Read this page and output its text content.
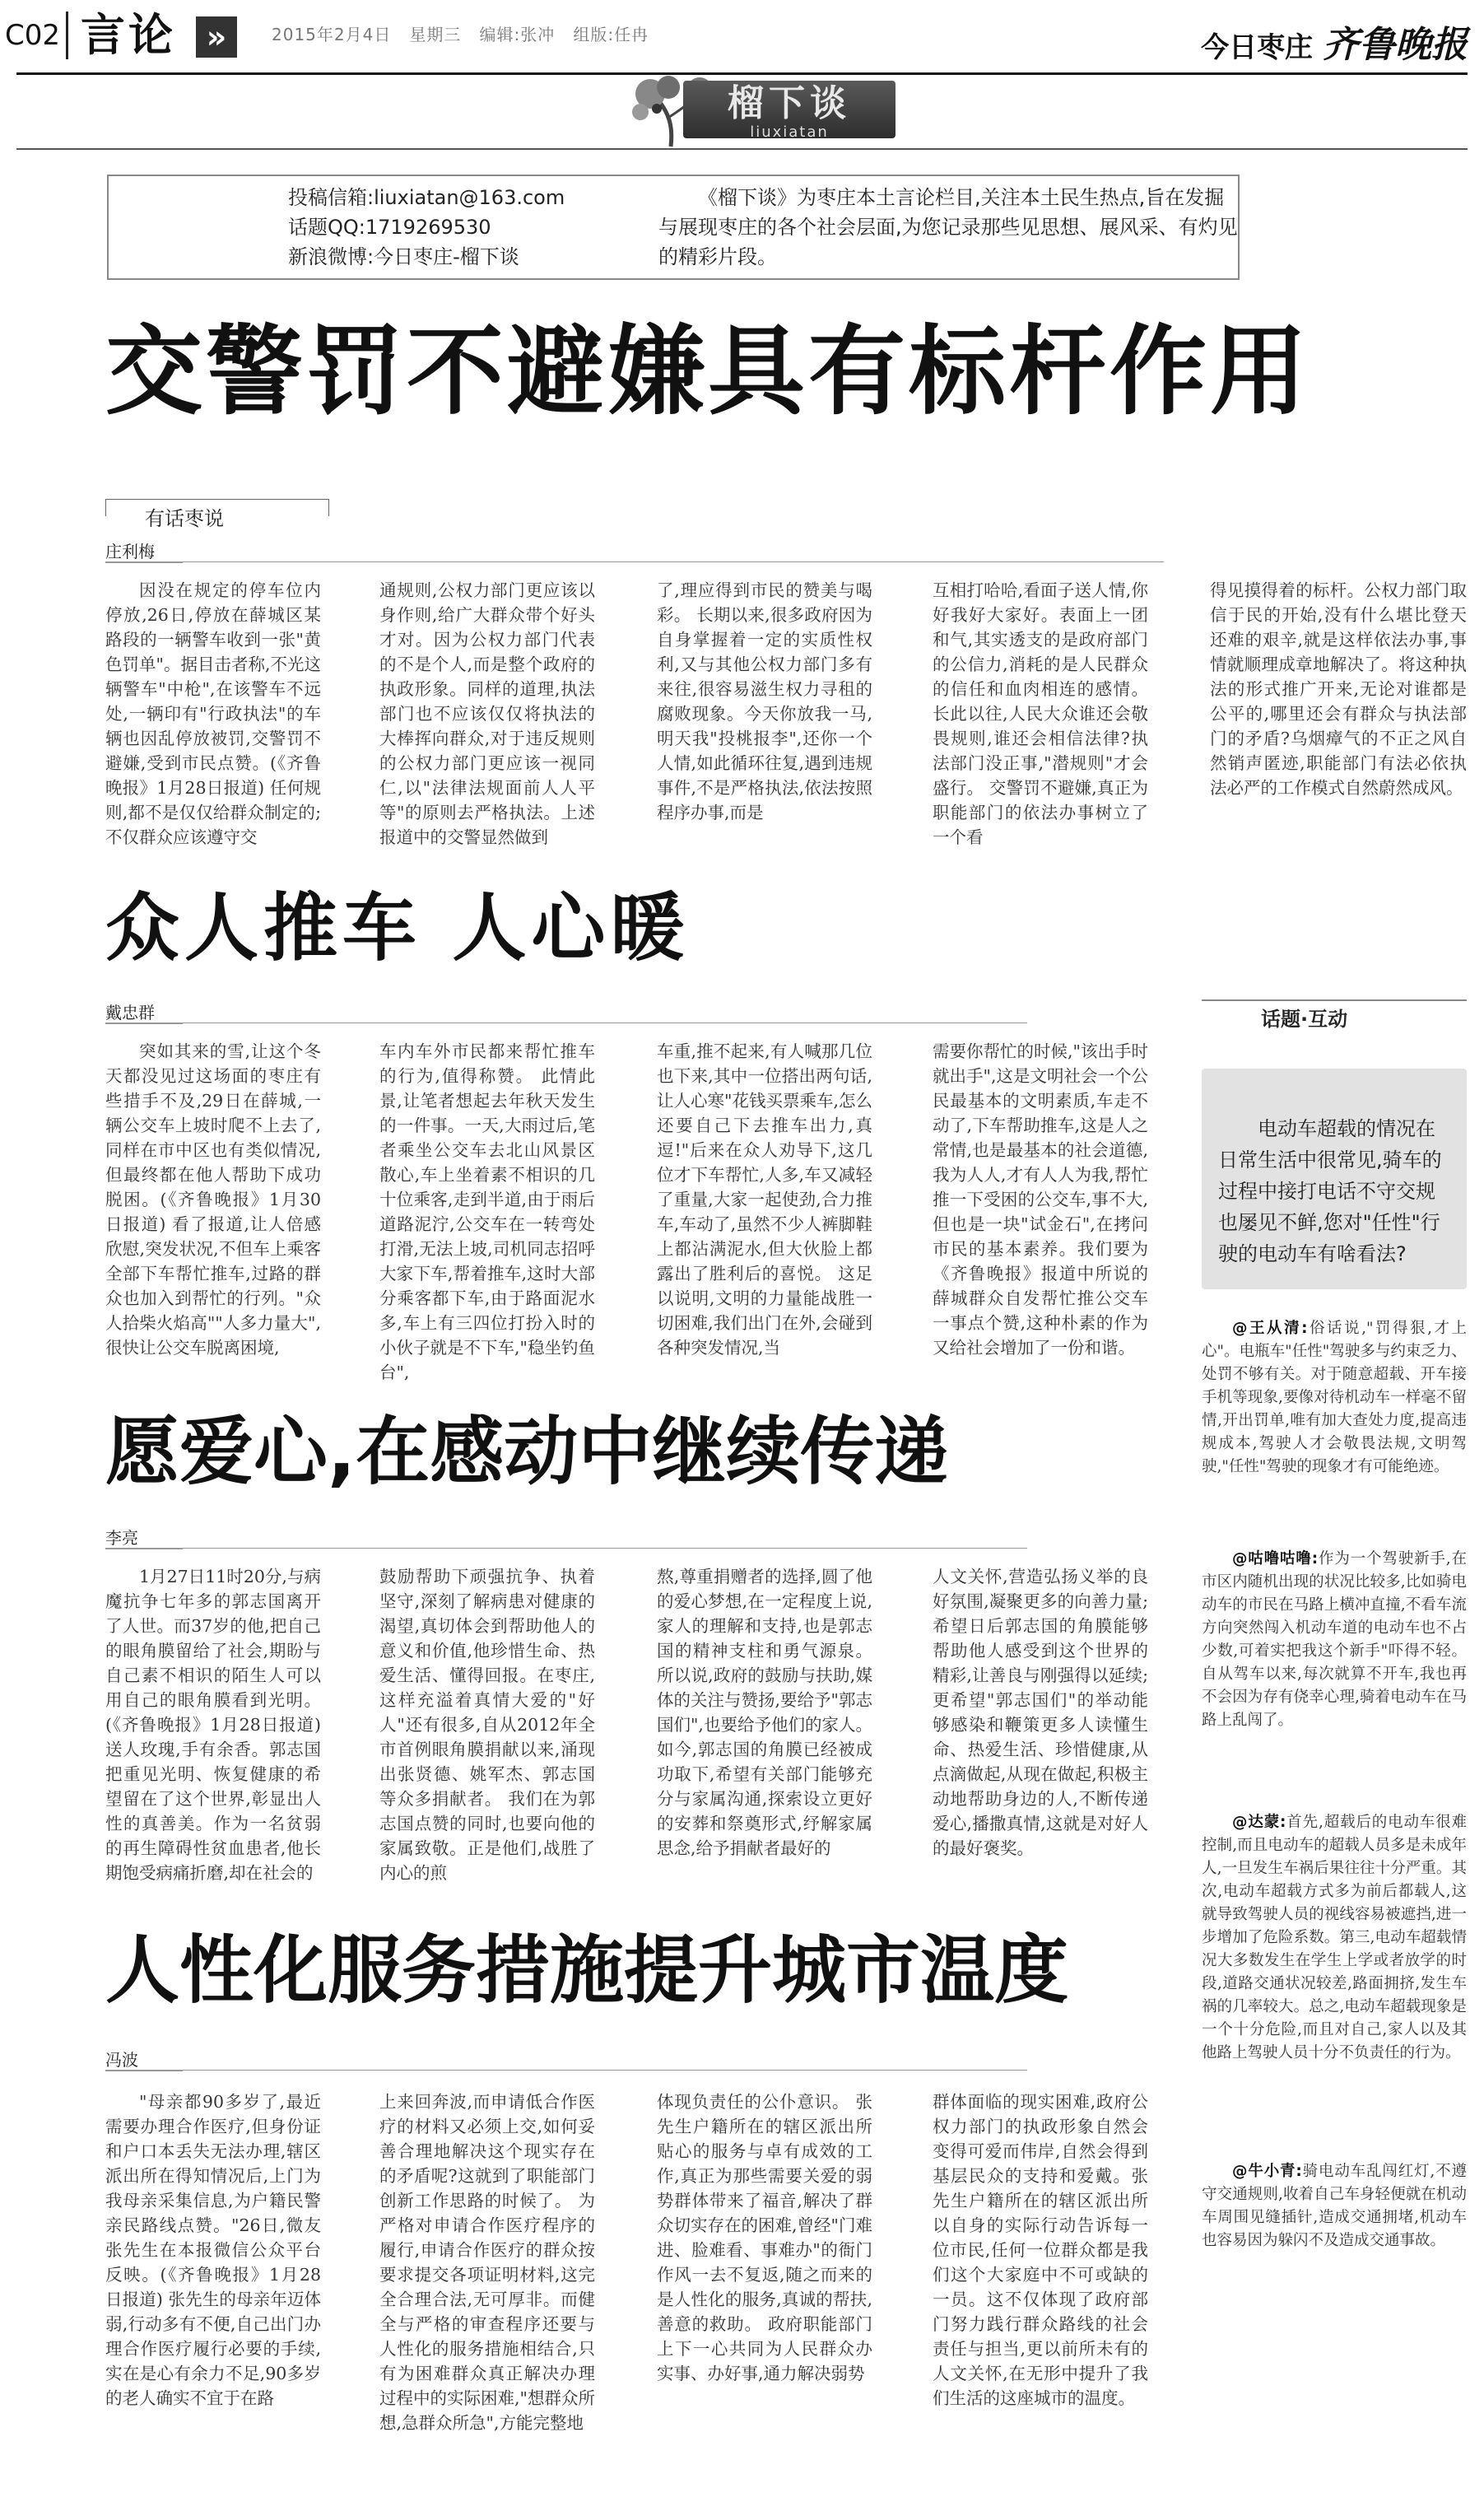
C02 言论 »	2015年2月4日 星期三 编辑:张冲 组版:任冉	今日枣庄 齐鲁晚报
榴下谈
liuxiatan
投稿信箱:liuxiatan@163.com
话题QQ:1719269530
新浪微博:今日枣庄-榴下谈
《榴下谈》为枣庄本土言论栏目,关注本土民生热点,旨在发掘与展现枣庄的各个社会层面,为您记录那些见思想、展风采、有灼见的精彩片段。
交警罚不避嫌具有标杆作用
有话枣说
庄利梅

因没在规定的停车位内停放,26日,停放在薛城区某路段的一辆警车收到一张"黄色罚单"。据目击者称,不光这辆警车"中枪",在该警车不远处,一辆印有"行政执法"的车辆也因乱停放被罚,交警罚不避嫌,受到市民点赞。(《齐鲁晚报》1月28日报道) 任何规则,都不是仅仅给群众制定的;不仅群众应该遵守交

通规则,公权力部门更应该以身作则,给广大群众带个好头才对。因为公权力部门代表的不是个人,而是整个政府的执政形象。同样的道理,执法部门也不应该仅仅将执法的大棒挥向群众,对于违反规则的公权力部门更应该一视同仁,以"法律法规面前人人平等"的原则去严格执法。上述报道中的交警显然做到

了,理应得到市民的赞美与喝彩。 长期以来,很多政府因为自身掌握着一定的实质性权利,又与其他公权力部门多有来往,很容易滋生权力寻租的腐败现象。今天你放我一马,明天我"投桃报李",还你一个人情,如此循环往复,遇到违规事件,不是严格执法,依法按照程序办事,而是

互相打哈哈,看面子送人情,你好我好大家好。表面上一团和气,其实透支的是政府部门的公信力,消耗的是人民群众的信任和血肉相连的感情。长此以往,人民大众谁还会敬畏规则,谁还会相信法律?执法部门没正事,"潜规则"才会盛行。 交警罚不避嫌,真正为职能部门的依法办事树立了一个看

得见摸得着的标杆。公权力部门取信于民的开始,没有什么堪比登天还难的艰辛,就是这样依法办事,事情就顺理成章地解决了。将这种执法的形式推广开来,无论对谁都是公平的,哪里还会有群众与执法部门的矛盾?乌烟瘴气的不正之风自然销声匿迹,职能部门有法必依执法必严的工作模式自然蔚然成风。

众人推车 人心暖
戴忠群

突如其来的雪,让这个冬天都没见过这场面的枣庄有些措手不及,29日在薛城,一辆公交车上坡时爬不上去了,同样在市中区也有类似情况,但最终都在他人帮助下成功脱困。(《齐鲁晚报》1月30日报道) 看了报道,让人倍感欣慰,突发状况,不但车上乘客全部下车帮忙推车,过路的群众也加入到帮忙的行列。"众人拾柴火焰高""人多力量大",很快让公交车脱离困境,

车内车外市民都来帮忙推车的行为,值得称赞。 此情此景,让笔者想起去年秋天发生的一件事。一天,大雨过后,笔者乘坐公交车去北山风景区散心,车上坐着素不相识的几十位乘客,走到半道,由于雨后道路泥泞,公交车在一转弯处打滑,无法上坡,司机同志招呼大家下车,帮着推车,这时大部分乘客都下车,由于路面泥水多,车上有三四位打扮入时的小伙子就是不下车,"稳坐钓鱼台",

车重,推不起来,有人喊那几位也下来,其中一位搭出两句话,让人心寒"花钱买票乘车,怎么还要自己下去推车出力,真逗!"后来在众人劝导下,这几位才下车帮忙,人多,车又减轻了重量,大家一起使劲,合力推车,车动了,虽然不少人裤脚鞋上都沾满泥水,但大伙脸上都露出了胜利后的喜悦。 这足以说明,文明的力量能战胜一切困难,我们出门在外,会碰到各种突发情况,当

需要你帮忙的时候,"该出手时就出手",这是文明社会一个公民最基本的文明素质,车走不动了,下车帮助推车,这是人之常情,也是最基本的社会道德,我为人人,才有人人为我,帮忙推一下受困的公交车,事不大,但也是一块"试金石",在拷问市民的基本素养。我们要为《齐鲁晚报》报道中所说的薛城群众自发帮忙推公交车一事点个赞,这种朴素的作为又给社会增加了一份和谐。

愿爱心,在感动中继续传递
李亮

1月27日11时20分,与病魔抗争七年多的郭志国离开了人世。而37岁的他,把自己的眼角膜留给了社会,期盼与自己素不相识的陌生人可以用自己的眼角膜看到光明。(《齐鲁晚报》1月28日报道) 送人玫瑰,手有余香。郭志国把重见光明、恢复健康的希望留在了这个世界,彰显出人性的真善美。作为一名贫弱的再生障碍性贫血患者,他长期饱受病痛折磨,却在社会的

鼓励帮助下顽强抗争、执着坚守,深刻了解病患对健康的渴望,真切体会到帮助他人的意义和价值,他珍惜生命、热爱生活、懂得回报。在枣庄,这样充溢着真情大爱的"好人"还有很多,自从2012年全市首例眼角膜捐献以来,涌现出张贤德、姚军杰、郭志国等众多捐献者。 我们在为郭志国点赞的同时,也要向他的家属致敬。正是他们,战胜了内心的煎

熬,尊重捐赠者的选择,圆了他的爱心梦想,在一定程度上说,家人的理解和支持,也是郭志国的精神支柱和勇气源泉。所以说,政府的鼓励与扶助,媒体的关注与赞扬,要给予"郭志国们",也要给予他们的家人。 如今,郭志国的角膜已经被成功取下,希望有关部门能够充分与家属沟通,探索设立更好的安葬和祭奠形式,纾解家属思念,给予捐献者最好的

人文关怀,营造弘扬义举的良好氛围,凝聚更多的向善力量;希望日后郭志国的角膜能够帮助他人感受到这个世界的精彩,让善良与刚强得以延续;更希望"郭志国们"的举动能够感染和鞭策更多人读懂生命、热爱生活、珍惜健康,从点滴做起,从现在做起,积极主动地帮助身边的人,不断传递爱心,播撒真情,这就是对好人的最好褒奖。

人性化服务措施提升城市温度
冯波

"母亲都90多岁了,最近需要办理合作医疗,但身份证和户口本丢失无法办理,辖区派出所在得知情况后,上门为我母亲采集信息,为户籍民警亲民路线点赞。"26日,微友张先生在本报微信公众平台反映。(《齐鲁晚报》1月28日报道) 张先生的母亲年迈体弱,行动多有不便,自己出门办理合作医疗履行必要的手续,实在是心有余力不足,90多岁的老人确实不宜于在路

上来回奔波,而申请低合作医疗的材料又必须上交,如何妥善合理地解决这个现实存在的矛盾呢?这就到了职能部门创新工作思路的时候了。 为严格对申请合作医疗程序的履行,申请合作医疗的群众按要求提交各项证明材料,这完全合理合法,无可厚非。而健全与严格的审查程序还要与人性化的服务措施相结合,只有为困难群众真正解决办理过程中的实际困难,"想群众所想,急群众所急",方能完整地

体现负责任的公仆意识。 张先生户籍所在的辖区派出所贴心的服务与卓有成效的工作,真正为那些需要关爱的弱势群体带来了福音,解决了群众切实存在的困难,曾经"门难进、脸难看、事难办"的衙门作风一去不复返,随之而来的是人性化的服务,真诚的帮扶,善意的救助。 政府职能部门上下一心共同为人民群众办实事、办好事,通力解决弱势

群体面临的现实困难,政府公权力部门的执政形象自然会变得可爱而伟岸,自然会得到基层民众的支持和爱戴。张先生户籍所在的辖区派出所以自身的实际行动告诉每一位市民,任何一位群众都是我们这个大家庭中不可或缺的一员。这不仅体现了政府部门努力践行群众路线的社会责任与担当,更以前所未有的人文关怀,在无形中提升了我们生活的这座城市的温度。

话题·互动
电动车超载的情况在日常生活中很常见,骑车的过程中接打电话不守交规也屡见不鲜,您对"任性"行驶的电动车有啥看法?
@王从清:俗话说,"罚得狠,才上心"。电瓶车"任性"驾驶多与约束乏力、处罚不够有关。对于随意超载、开车接手机等现象,要像对待机动车一样毫不留情,开出罚单,唯有加大查处力度,提高违规成本,驾驶人才会敬畏法规,文明驾驶,"任性"驾驶的现象才有可能绝迹。
@咕噜咕噜:作为一个驾驶新手,在市区内随机出现的状况比较多,比如骑电动车的市民在马路上横冲直撞,不看车流方向突然闯入机动车道的电动车也不占少数,可着实把我这个新手"吓得不轻。自从驾车以来,每次就算不开车,我也再不会因为存有侥幸心理,骑着电动车在马路上乱闯了。
@达蒙:首先,超载后的电动车很难控制,而且电动车的超载人员多是未成年人,一旦发生车祸后果往往十分严重。其次,电动车超载方式多为前后都载人,这就导致驾驶人员的视线容易被遮挡,进一步增加了危险系数。第三,电动车超载情况大多数发生在学生上学或者放学的时段,道路交通状况较差,路面拥挤,发生车祸的几率较大。总之,电动车超载现象是一个十分危险,而且对自己,家人以及其他路上驾驶人员十分不负责任的行为。
@牛小青:骑电动车乱闯红灯,不遵守交通规则,收着自己车身轻便就在机动车周围见缝插针,造成交通拥堵,机动车也容易因为躲闪不及造成交通事故。
